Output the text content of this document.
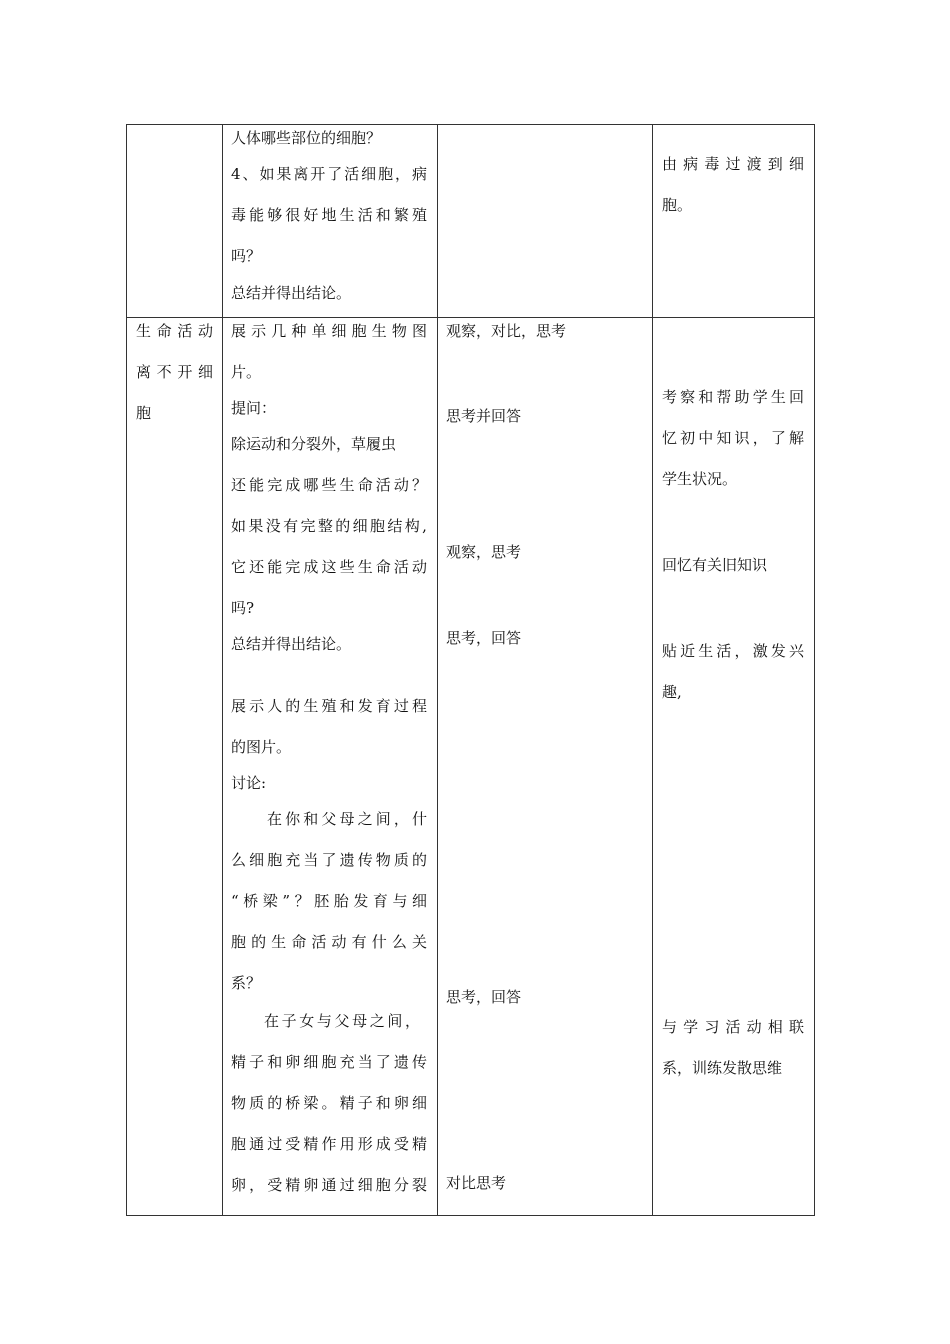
人体哪些部位的细胞？
4、如果离开了活细胞，病
毒能够很好地生活和繁殖
吗？
总结并得出结论。
由病毒过渡到细
胞。
生命活动
离不开细
胞
展示几种单细胞生物图
片。
提问：
除运动和分裂外，草履虫
还能完成哪些生命活动？
如果没有完整的细胞结构,
它还能完成这些生命活动
吗?
总结并得出结论。
展示人的生殖和发育过程
的图片。
讨论:
在你和父母之间，什
么细胞充当了遗传物质的
“桥梁”？胚胎发育与细
胞的生命活动有什么关
系？
在子女与父母之间，
精子和卵细胞充当了遗传
物质的桥梁。精子和卵细
胞通过受精作用形成受精
卵，受精卵通过细胞分裂
观察，对比，思考
思考并回答
观察，思考
思考，回答
思考，回答
对比思考
考察和帮助学生回
忆初中知识，了解
学生状况。
回忆有关旧知识
贴近生活，激发兴
趣,
与学习活动相联
系，训练发散思维
